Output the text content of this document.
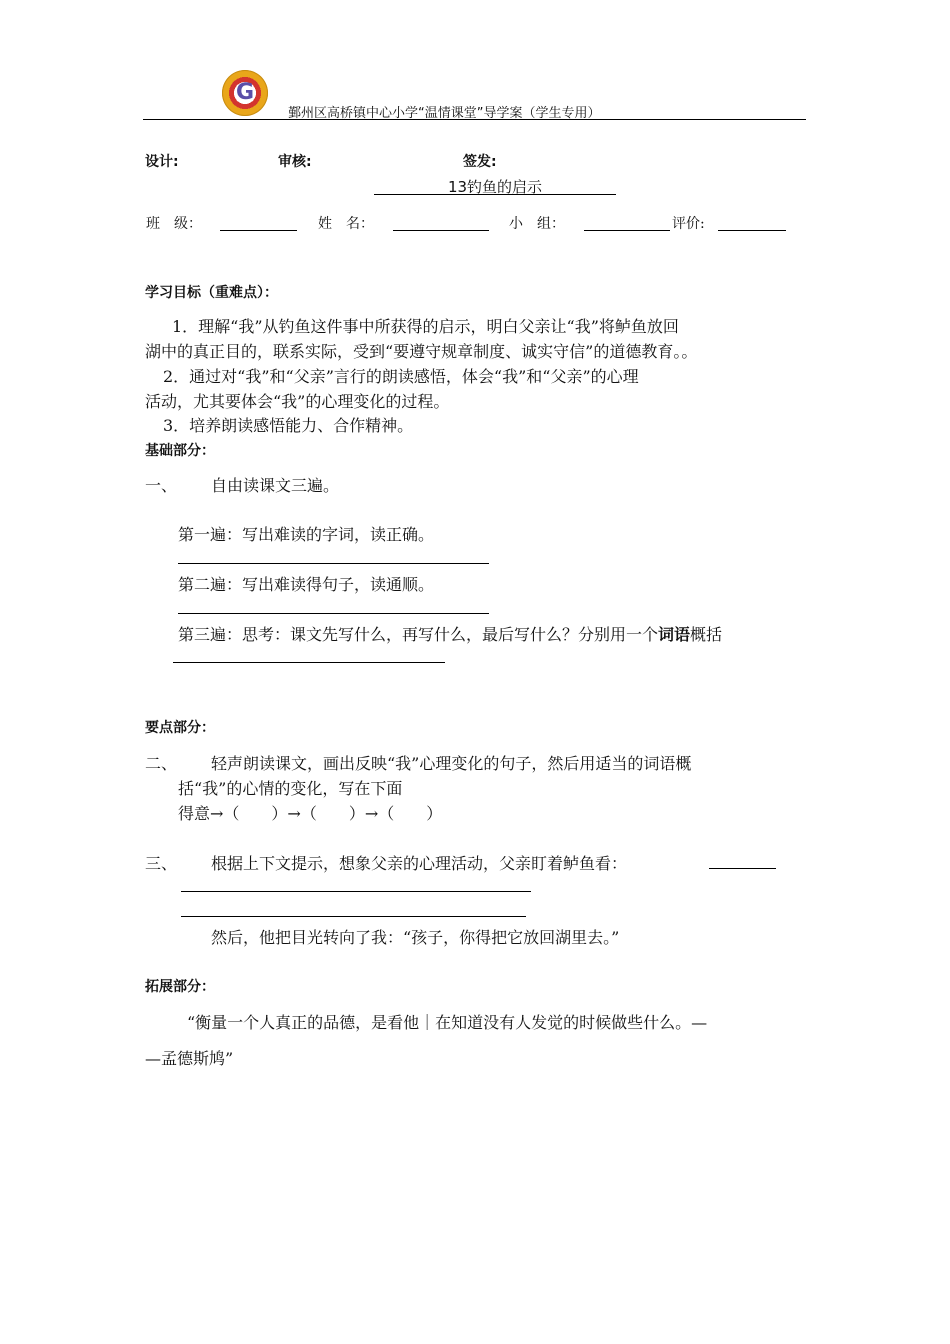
G
鄞州区高桥镇中心小学“温情课堂”导学案（学生专用）
设计:	审核:	签发:
13钓鱼的启示
班　级：	姓　名：	小　组：	评价:
学习目标（重难点）：
1．理解“我”从钓鱼这件事中所获得的启示，明白父亲让“我”将鲈鱼放回
湖中的真正目的，联系实际，受到“要遵守规章制度、诚实守信”的道德教育。。
2．通过对“我”和“父亲”言行的朗读感悟，体会“我”和“父亲”的心理
活动，尤其要体会“我”的心理变化的过程。
3．培养朗读感悟能力、合作精神。
基础部分：
一、 自由读课文三遍。
第一遍：写出难读的字词，读正确。
第二遍：写出难读得句子，读通顺。
第三遍：思考：课文先写什么，再写什么，最后写什么？分别用一个词语概括
要点部分：
二、 轻声朗读课文，画出反映“我”心理变化的句子，然后用适当的词语概
括“我”的心情的变化，写在下面
得意→（　　）→（　　）→（　　）
三、 根据上下文提示，想象父亲的心理活动，父亲盯着鲈鱼看：
然后，他把目光转向了我：“孩子，你得把它放回湖里去。”
拓展部分：
“衡量一个人真正的品德，是看他｜在知道没有人发觉的时候做些什么。—
—孟德斯鸠”
